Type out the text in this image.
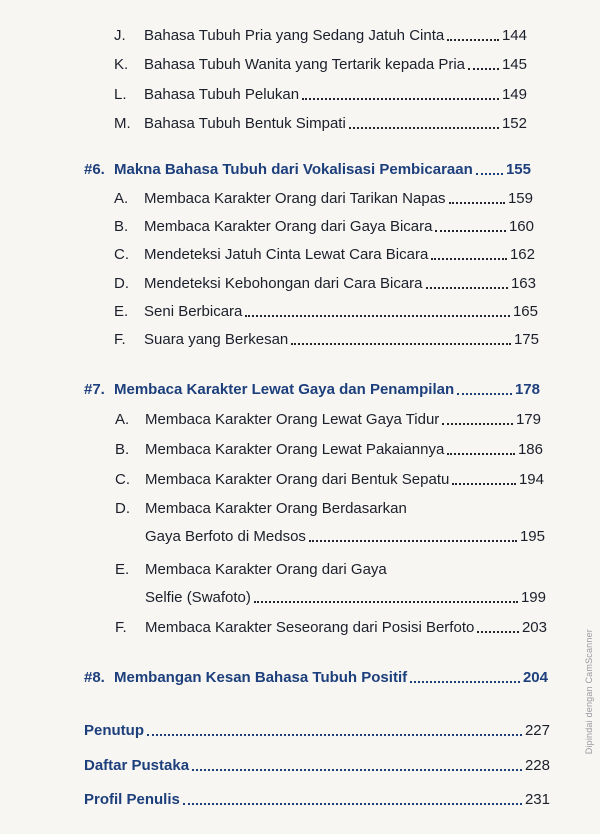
J.	Bahasa Tubuh Pria yang Sedang Jatuh Cinta	144
K.	Bahasa Tubuh Wanita yang Tertarik kepada Pria 145
L.	Bahasa Tubuh Pelukan	149
M. Bahasa Tubuh Bentuk Simpati	152
#6. Makna Bahasa Tubuh dari Vokalisasi Pembicaraan 155
A.	Membaca Karakter Orang dari Tarikan Napas	159
B.	Membaca Karakter Orang dari Gaya Bicara	160
C.	Mendeteksi Jatuh Cinta Lewat Cara Bicara	162
D.	Mendeteksi Kebohongan dari Cara Bicara	163
E.	Seni Berbicara	165
F.	Suara yang Berkesan	175
#7. Membaca Karakter Lewat Gaya dan Penampilan	178
A.	Membaca Karakter Orang Lewat Gaya Tidur	179
B.	Membaca Karakter Orang Lewat Pakaiannya	186
C.	Membaca Karakter Orang dari Bentuk Sepatu	194
D. Membaca Karakter Orang Berdasarkan
Gaya Berfoto di Medsos	195
E. Membaca Karakter Orang dari Gaya
Selfie (Swafoto)	199
F.	Membaca Karakter Seseorang dari Posisi Berfoto	203
#8. Membangan Kesan Bahasa Tubuh Positif	204
Penutup	227
Daftar Pustaka	228
Profil Penulis	231
Dipindai dengan CamScanner
